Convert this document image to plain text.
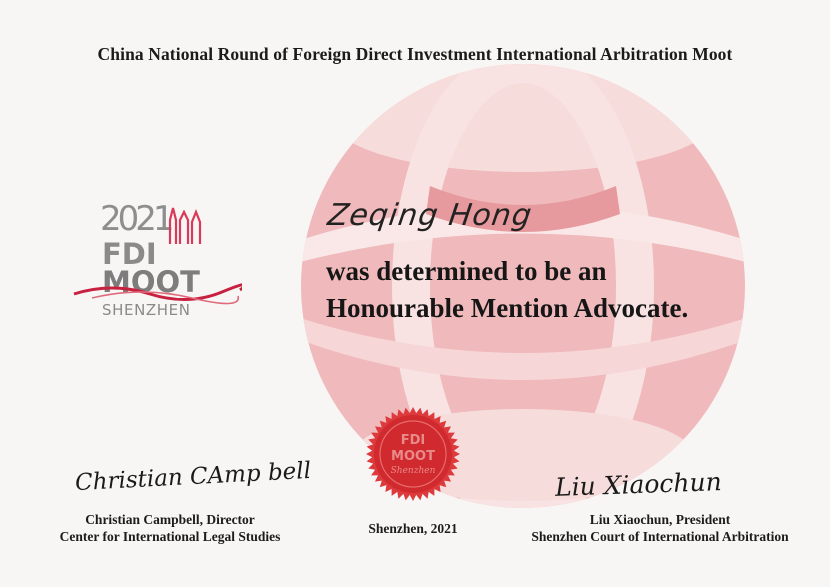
China National Round of Foreign Direct Investment International Arbitration Moot
2021
FDI
MOOT
SHENZHEN
Zeqing Hong
was determined to be an
Honourable Mention Advocate.
FDI
MOOT
Shenzhen
Christian CAmp bell	Liu Xiaochun
Christian Campbell, Director
Center for International Legal Studies
Shenzhen, 2021
Liu Xiaochun, President
Shenzhen Court of International Arbitration
